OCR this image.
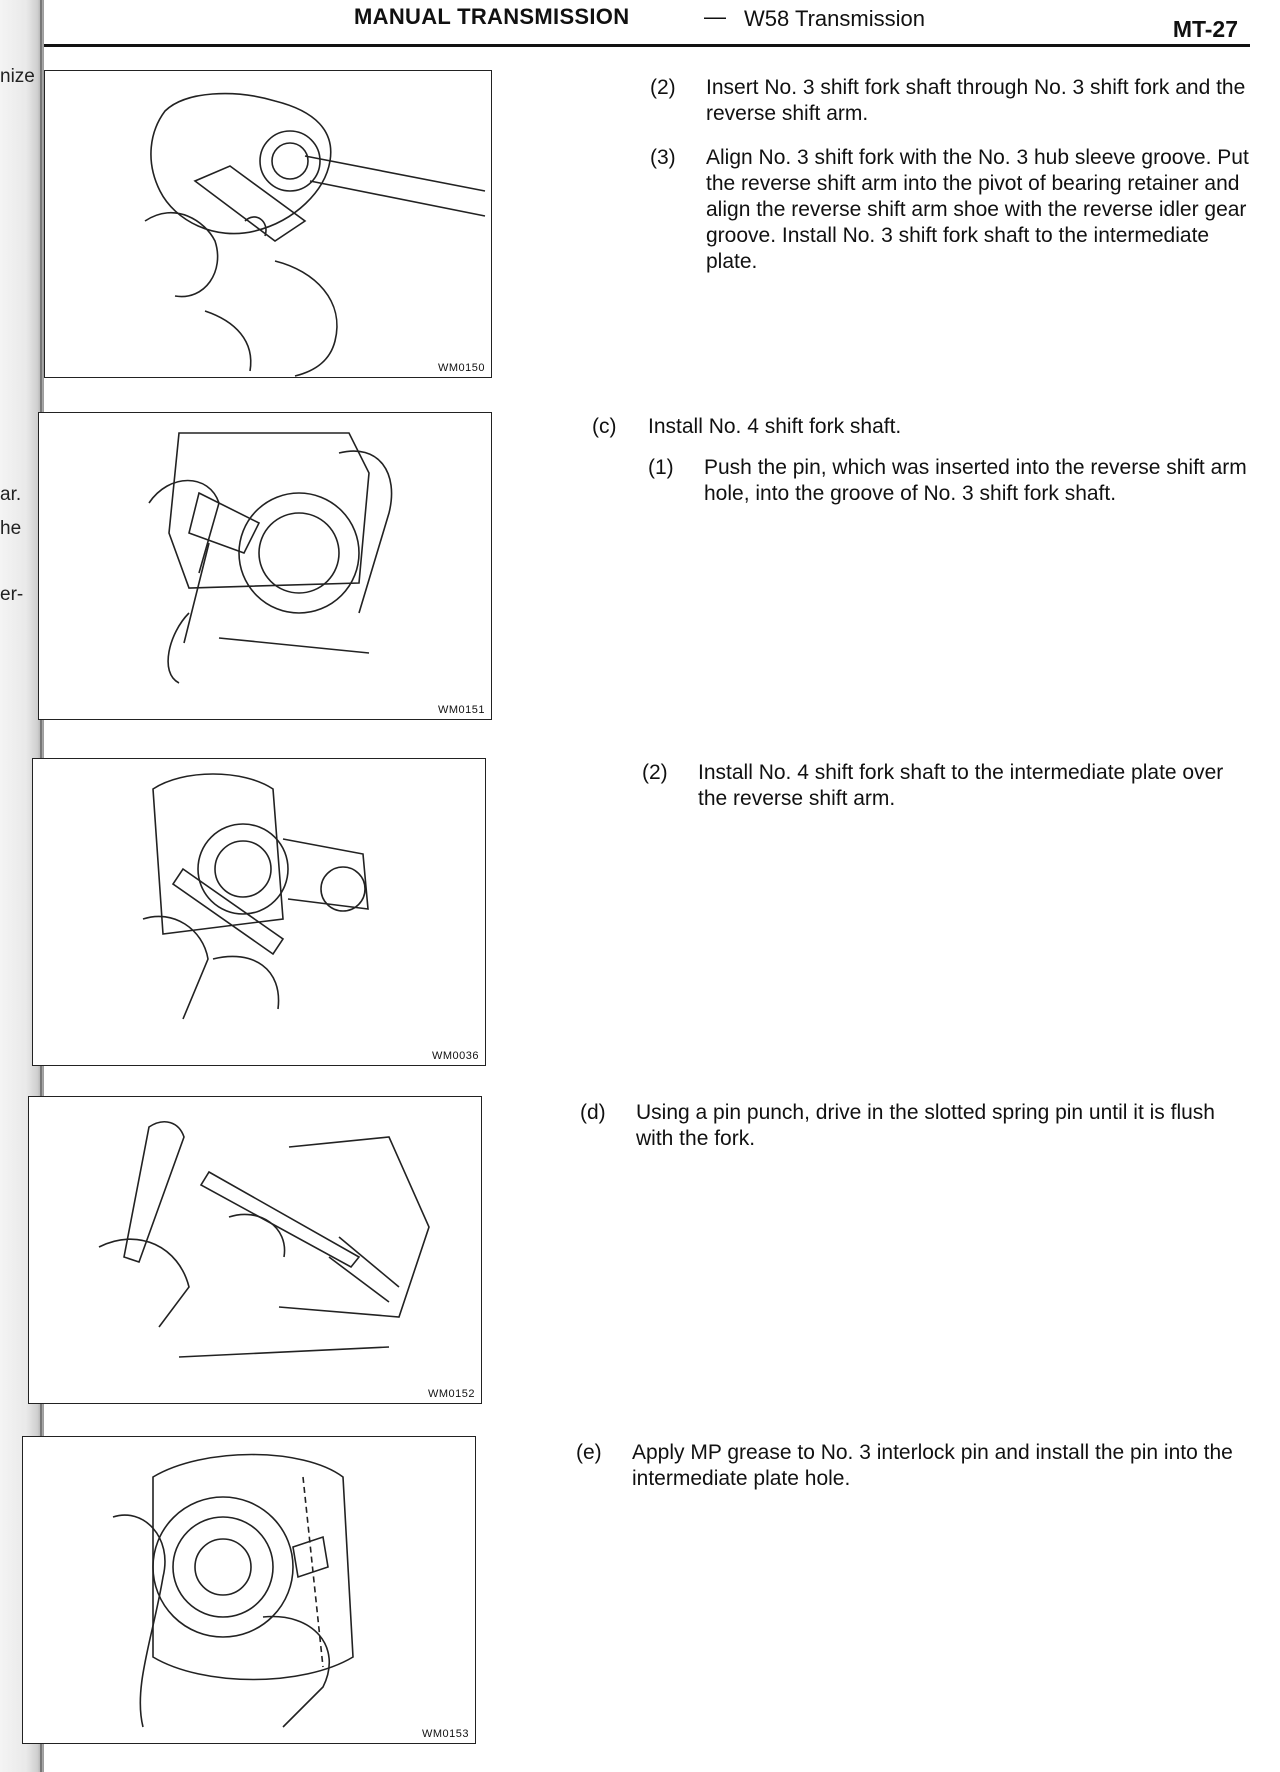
nize
ar.
he
er-
MANUAL TRANSMISSION	— W58 Transmission	MT-27
WM0150
WM0151
WM0036
WM0152
WM0153
(2) Insert No. 3 shift fork shaft through No. 3 shift fork and the reverse shift arm.
(3) Align No. 3 shift fork with the No. 3 hub sleeve groove. Put the reverse shift arm into the pivot of bearing retainer and align the reverse shift arm shoe with the reverse idler gear groove. Install No. 3 shift fork shaft to the intermediate plate.
(c) Install No. 4 shift fork shaft.
(1) Push the pin, which was inserted into the reverse shift arm hole, into the groove of No. 3 shift fork shaft.
(2) Install No. 4 shift fork shaft to the intermediate plate over the reverse shift arm.
(d) Using a pin punch, drive in the slotted spring pin until it is flush with the fork.
(e) Apply MP grease to No. 3 interlock pin and install the pin into the intermediate plate hole.
